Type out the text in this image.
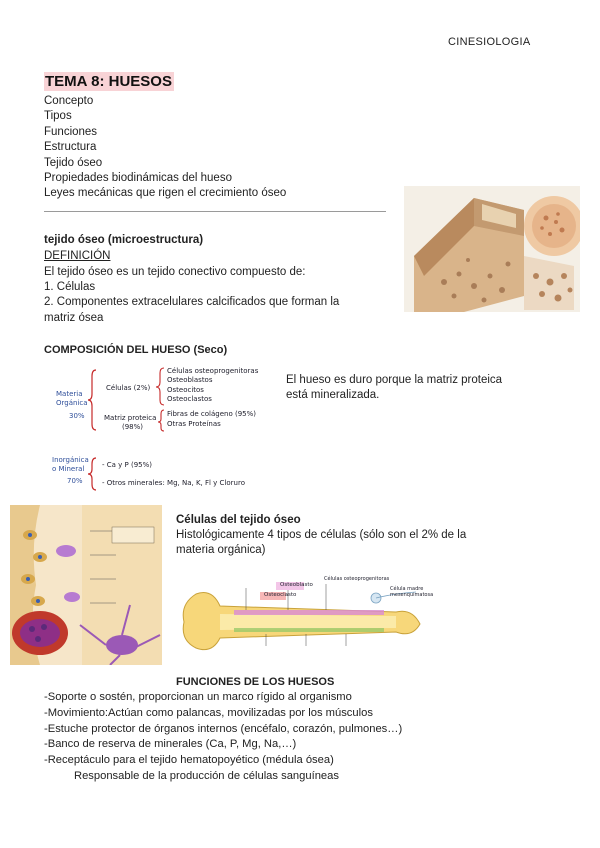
CINESIOLOGIA
TEMA 8: HUESOS
Concepto
Tipos
Funciones
Estructura
Tejido óseo
Propiedades biodinámicas del hueso
Leyes mecánicas que rigen el crecimiento óseo
tejido óseo (microestructura)
DEFINICIÓN
El tejido óseo es un tejido conectivo compuesto de:
1. Células
2. Componentes extracelulares calcificados que forman la
matriz ósea
COMPOSICIÓN DEL HUESO (Seco)
El hueso es duro porque la matriz proteica
está mineralizada.
Materia
Orgánica
30%
Células (2%)
Células osteoprogenitoras
Osteoblastos
Osteocitos
Osteoclastos
Matriz proteica
(98%)
Fibras de colágeno (95%)
Otras Proteínas
Inorgánica
o Mineral
70%
- Ca y P (95%)
- Otros minerales: Mg, Na, K, Fl y Cloruro
Células del tejido óseo
Histológicamente 4 tipos de células (sólo son el 2% de la
materia orgánica)
Osteoclasto
Osteoblasto
Células osteoprogenitoras
Célula madre mesenquimatosa
FUNCIONES DE LOS HUESOS
-Soporte o sostén, proporcionan un marco rígido al organismo
-Movimiento:Actúan como palancas, movilizadas por los músculos
-Estuche protector de órganos internos (encéfalo, corazón, pulmones…)
-Banco de reserva de minerales (Ca, P, Mg, Na,…)
-Receptáculo para el tejido hematopoyético (médula ósea)
Responsable de la producción de células sanguíneas
